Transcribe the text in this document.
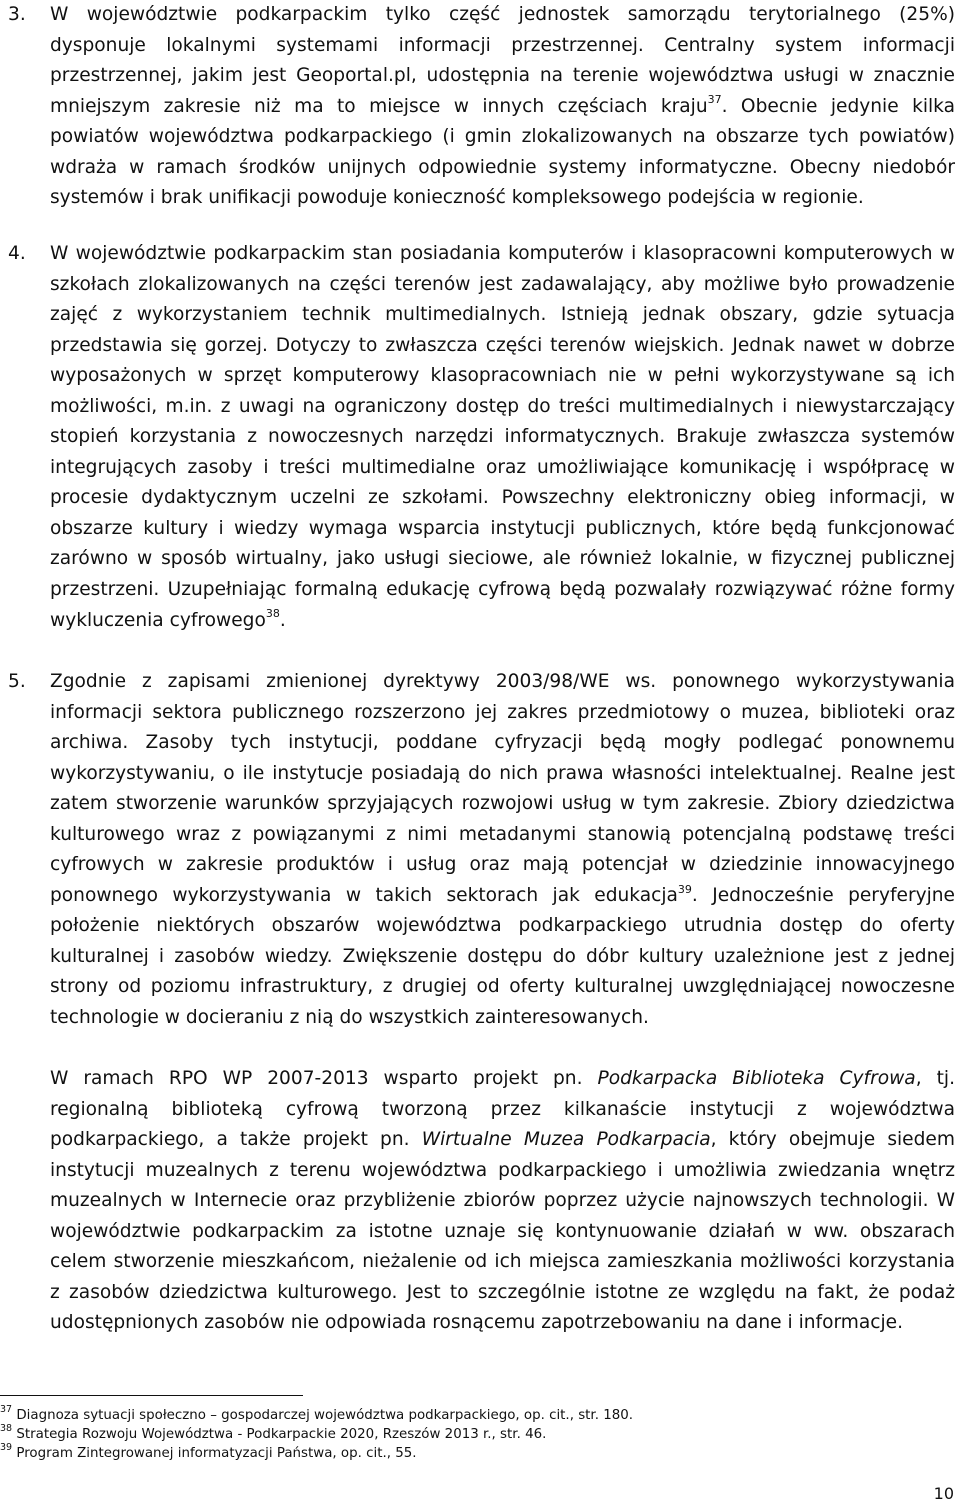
3. W województwie podkarpackim tylko część jednostek samorządu terytorialnego (25%) dysponuje lokalnymi systemami informacji przestrzennej. Centralny system informacji przestrzennej, jakim jest Geoportal.pl, udostępnia na terenie województwa usługi w znacznie mniejszym zakresie niż ma to miejsce w innych częściach kraju$^{37}$. Obecnie jedynie kilka powiatów województwa podkarpackiego (i gmin zlokalizowanych na obszarze tych powiatów) wdraża w ramach środków unijnych odpowiednie systemy informatyczne. Obecny niedobór systemów i brak unifikacji powoduje konieczność kompleksowego podejścia w regionie.

4. W województwie podkarpackim stan posiadania komputerów i klasopracowni komputerowych w szkołach zlokalizowanych na części terenów jest zadawalający, aby możliwe było prowadzenie zajęć z wykorzystaniem technik multimedialnych. Istnieją jednak obszary, gdzie sytuacja przedstawia się gorzej. Dotyczy to zwłaszcza części terenów wiejskich. Jednak nawet w dobrze wyposażonych w sprzęt komputerowy klasopracowniach nie w pełni wykorzystywane są ich możliwości, m.in. z uwagi na ograniczony dostęp do treści multimedialnych i niewystarczający stopień korzystania z nowoczesnych narzędzi informatycznych. Brakuje zwłaszcza systemów integrujących zasoby i treści multimedialne oraz umożliwiające komunikację i współpracę w procesie dydaktycznym uczelni ze szkołami. Powszechny elektroniczny obieg informacji, w obszarze kultury i wiedzy wymaga wsparcia instytucji publicznych, które będą funkcjonować zarówno w sposób wirtualny, jako usługi sieciowe, ale również lokalnie, w fizycznej publicznej przestrzeni. Uzupełniając formalną edukację cyfrową będą pozwalały rozwiązywać różne formy wykluczenia cyfrowego$^{38}$.

5. Zgodnie z zapisami zmienionej dyrektywy 2003/98/WE ws. ponownego wykorzystywania informacji sektora publicznego rozszerzono jej zakres przedmiotowy o muzea, biblioteki oraz archiwa. Zasoby tych instytucji, poddane cyfryzacji będą mogły podlegać ponownemu wykorzystywaniu, o ile instytucje posiadają do nich prawa własności intelektualnej. Realne jest zatem stworzenie warunków sprzyjających rozwojowi usług w tym zakresie. Zbiory dziedzictwa kulturowego wraz z powiązanymi z nimi metadanymi stanowią potencjalną podstawę treści cyfrowych w zakresie produktów i usług oraz mają potencjał w dziedzinie innowacyjnego ponownego wykorzystywania w takich sektorach jak edukacja$^{39}$. Jednocześnie peryferyjne położenie niektórych obszarów województwa podkarpackiego utrudnia dostęp do oferty kulturalnej i zasobów wiedzy. Zwiększenie dostępu do dóbr kultury uzależnione jest z jednej strony od poziomu infrastruktury, z drugiej od oferty kulturalnej uwzględniającej nowoczesne technologie w docieraniu z nią do wszystkich zainteresowanych.

W ramach RPO WP 2007-2013 wsparto projekt pn. Podkarpacka Biblioteka Cyfrowa, tj. regionalną biblioteką cyfrową tworzoną przez kilkanaście instytucji z województwa podkarpackiego, a także projekt pn. Wirtualne Muzea Podkarpacia, który obejmuje siedem instytucji muzealnych z terenu województwa podkarpackiego i umożliwia zwiedzania wnętrz muzealnych w Internecie oraz przybliżenie zbiorów poprzez użycie najnowszych technologii. W województwie podkarpackim za istotne uznaje się kontynuowanie działań w ww. obszarach celem stworzenie mieszkańcom, nieżalenie od ich miejsca zamieszkania możliwości korzystania z zasobów dziedzictwa kulturowego. Jest to szczególnie istotne ze względu na fakt, że podaż udostępnionych zasobów nie odpowiada rosnącemu zapotrzebowaniu na dane i informacje.

$^{37}$ Diagnoza sytuacji społeczno – gospodarczej województwa podkarpackiego, op. cit., str. 180.
$^{38}$ Strategia Rozwoju Województwa - Podkarpackie 2020, Rzeszów 2013 r., str. 46.
$^{39}$ Program Zintegrowanej informatyzacji Państwa, op. cit., 55.
10
